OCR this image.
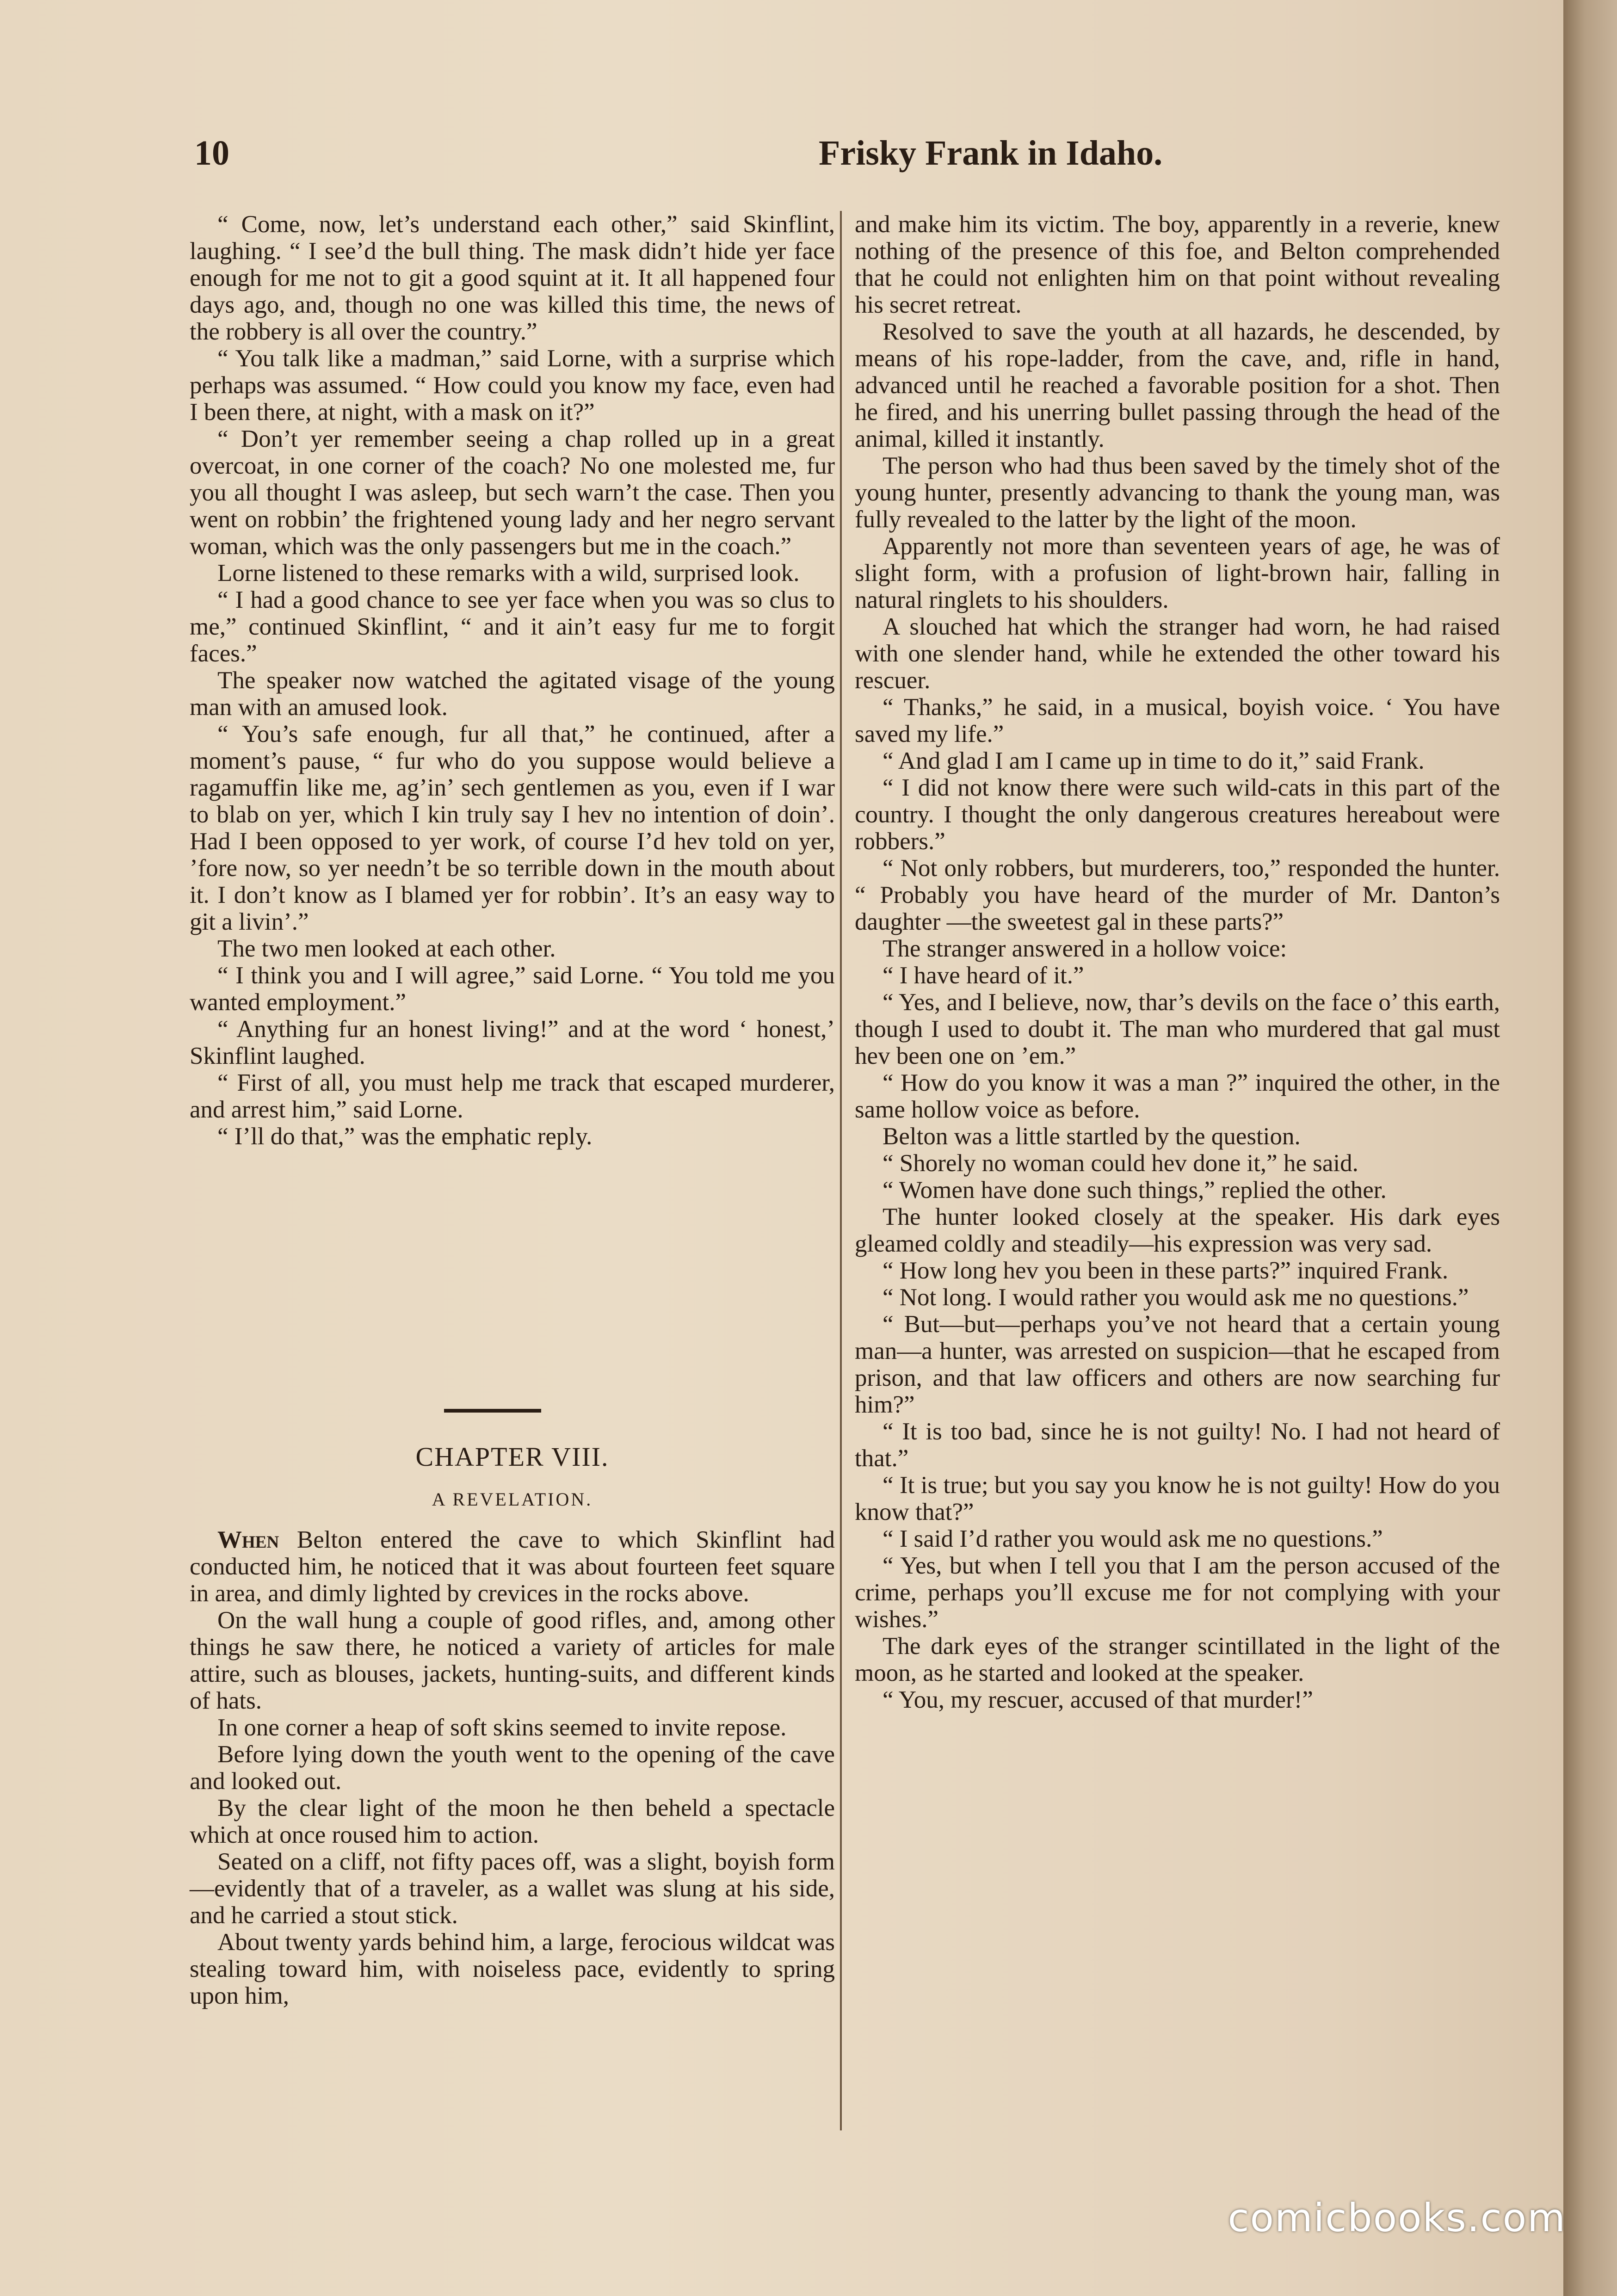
10	Frisky Frank in Idaho.

“ Come, now, let’s understand each other,” said Skinflint, laughing. “ I see’d the bull thing. The mask didn’t hide yer face enough for me not to git a good squint at it. It all happened four days ago, and, though no one was killed this time, the news of the robbery is all over the country.”

“ You talk like a madman,” said Lorne, with a surprise which perhaps was assumed. “ How could you know my face, even had I been there, at night, with a mask on it?”

“ Don’t yer remember seeing a chap rolled up in a great overcoat, in one corner of the coach? No one molested me, fur you all thought I was asleep, but sech warn’t the case. Then you went on robbin’ the frightened young lady and her negro servant woman, which was the only passengers but me in the coach.”

Lorne listened to these remarks with a wild, surprised look.

“ I had a good chance to see yer face when you was so clus to me,” continued Skinflint, “ and it ain’t easy fur me to forgit faces.”

The speaker now watched the agitated visage of the young man with an amused look.

“ You’s safe enough, fur all that,” he continued, after a moment’s pause, “ fur who do you suppose would believe a ragamuffin like me, ag’in’ sech gentlemen as you, even if I war to blab on yer, which I kin truly say I hev no intention of doin’. Had I been opposed to yer work, of course I’d hev told on yer, ’fore now, so yer needn’t be so terrible down in the mouth about it. I don’t know as I blamed yer for robbin’. It’s an easy way to git a livin’.”

The two men looked at each other.

“ I think you and I will agree,” said Lorne. “ You told me you wanted employment.”

“ Anything fur an honest living!” and at the word ‘ honest,’ Skinflint laughed.

“ First of all, you must help me track that escaped murderer, and arrest him,” said Lorne.

“ I’ll do that,” was the emphatic reply.

CHAPTER VIII.
A REVELATION.

When Belton entered the cave to which Skinflint had conducted him, he noticed that it was about fourteen feet square in area, and dimly lighted by crevices in the rocks above.

On the wall hung a couple of good rifles, and, among other things he saw there, he noticed a variety of articles for male attire, such as blouses, jackets, hunting-suits, and different kinds of hats.

In one corner a heap of soft skins seemed to invite repose.

Before lying down the youth went to the opening of the cave and looked out.

By the clear light of the moon he then beheld a spectacle which at once roused him to action.

Seated on a cliff, not fifty paces off, was a slight, boyish form—evidently that of a traveler, as a wallet was slung at his side, and he carried a stout stick.

About twenty yards behind him, a large, ferocious wildcat was stealing toward him, with noiseless pace, evidently to spring upon him,

and make him its victim. The boy, apparently in a reverie, knew nothing of the presence of this foe, and Belton comprehended that he could not enlighten him on that point without revealing his secret retreat.

Resolved to save the youth at all hazards, he descended, by means of his rope-ladder, from the cave, and, rifle in hand, advanced until he reached a favorable position for a shot. Then he fired, and his unerring bullet passing through the head of the animal, killed it instantly.

The person who had thus been saved by the timely shot of the young hunter, presently advancing to thank the young man, was fully revealed to the latter by the light of the moon.

Apparently not more than seventeen years of age, he was of slight form, with a profusion of light-brown hair, falling in natural ringlets to his shoulders.

A slouched hat which the stranger had worn, he had raised with one slender hand, while he extended the other toward his rescuer.

“ Thanks,” he said, in a musical, boyish voice. ‘ You have saved my life.”

“ And glad I am I came up in time to do it,” said Frank.

“ I did not know there were such wild-cats in this part of the country. I thought the only dangerous creatures hereabout were robbers.”

“ Not only robbers, but murderers, too,” responded the hunter. “ Probably you have heard of the murder of Mr. Danton’s daughter —the sweetest gal in these parts?”

The stranger answered in a hollow voice:

“ I have heard of it.”

“ Yes, and I believe, now, thar’s devils on the face o’ this earth, though I used to doubt it. The man who murdered that gal must hev been one on ’em.”

“ How do you know it was a man ?” inquired the other, in the same hollow voice as before.

Belton was a little startled by the question.

“ Shorely no woman could hev done it,” he said.

“ Women have done such things,” replied the other.

The hunter looked closely at the speaker. His dark eyes gleamed coldly and steadily—his expression was very sad.

“ How long hev you been in these parts?” inquired Frank.

“ Not long. I would rather you would ask me no questions.”

“ But—but—perhaps you’ve not heard that a certain young man—a hunter, was arrested on suspicion—that he escaped from prison, and that law officers and others are now searching fur him?”

“ It is too bad, since he is not guilty! No. I had not heard of that.”

“ It is true; but you say you know he is not guilty! How do you know that?”

“ I said I’d rather you would ask me no questions.”

“ Yes, but when I tell you that I am the person accused of the crime, perhaps you’ll excuse me for not complying with your wishes.”

The dark eyes of the stranger scintillated in the light of the moon, as he started and looked at the speaker.

“ You, my rescuer, accused of that murder!”

comicbooks.com
